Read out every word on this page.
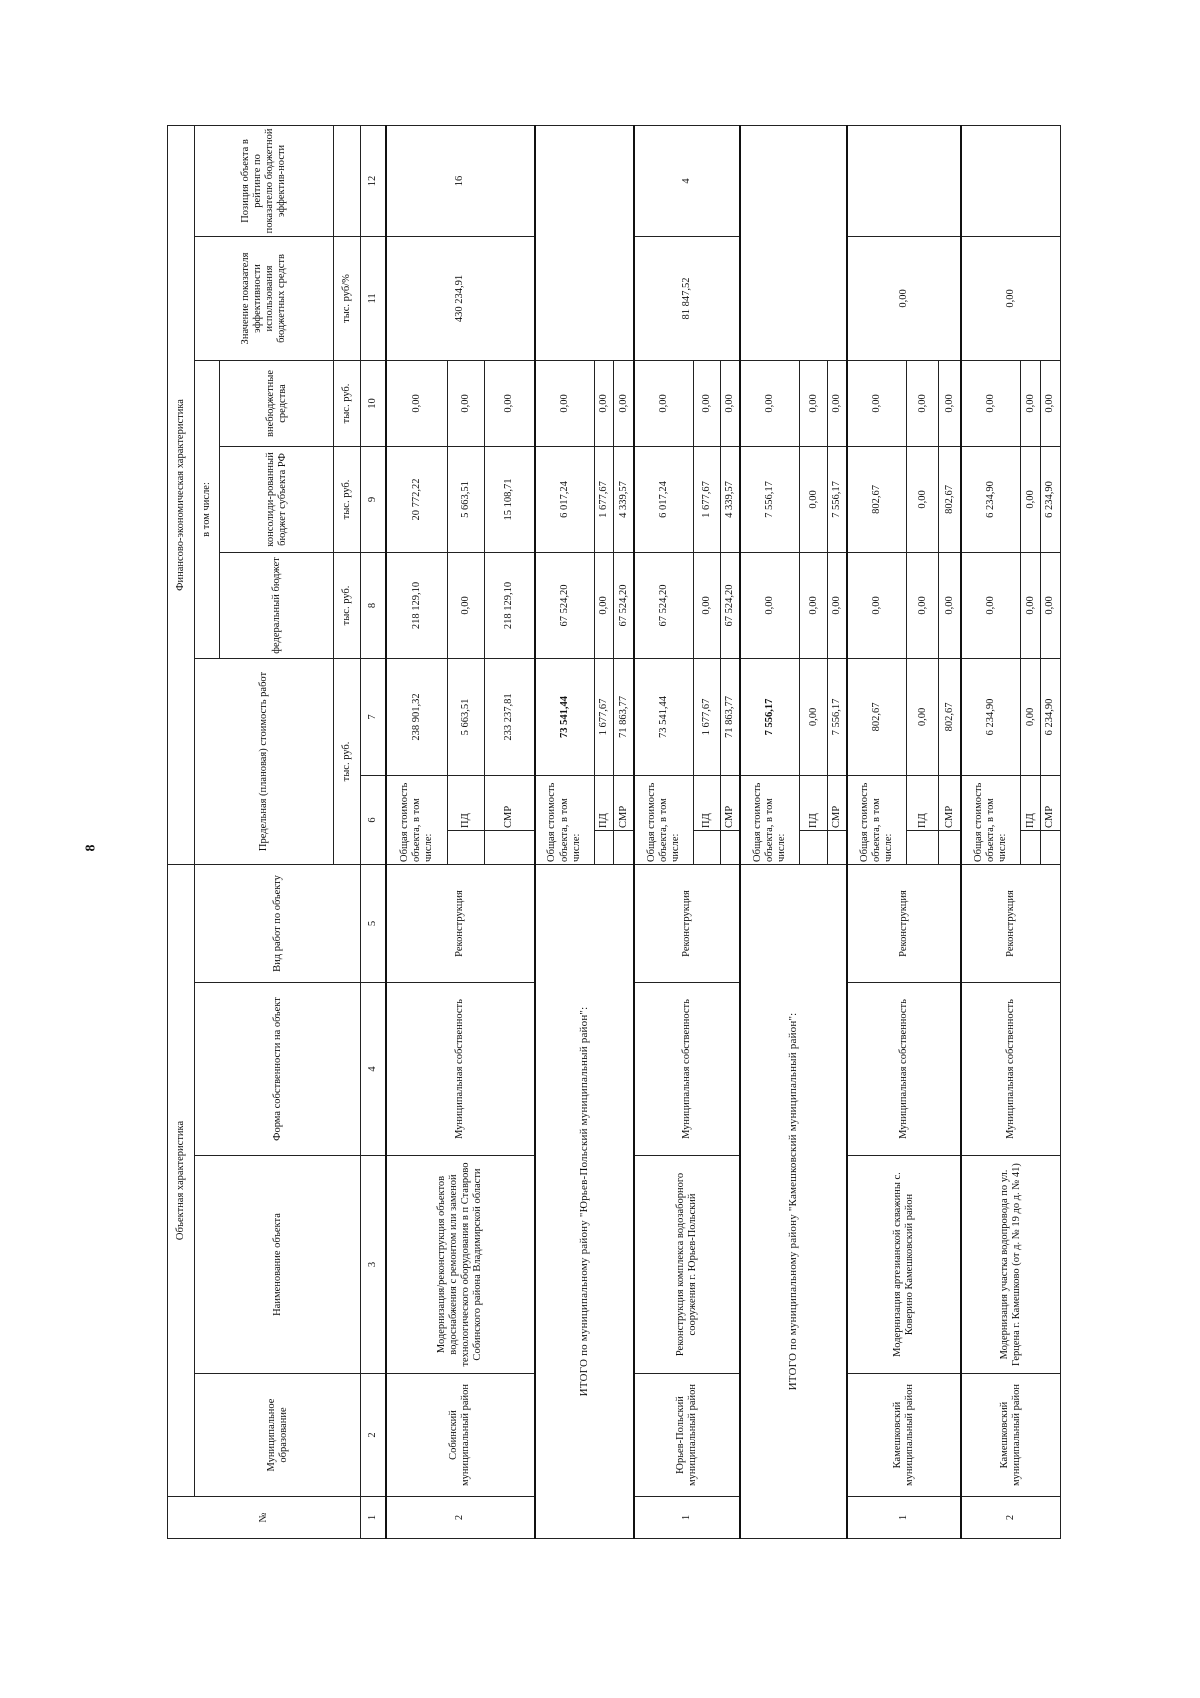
8
№	Объектная характеристика				Финансово-экономическая характеристика							
	Муниципальное образование	Наименование объекта	Форма собственности на объект	Вид работ по объекту	Предельная (плановая) стоимость работ			в том числе:			Значение показателя эффективности использования бюджетных средств	Позиция объекта в рейтинге по показателю бюджетной эффектив-ности
								федеральный бюджет	консолиди-рованный бюджет субъекта РФ	внебюджетные средства		
					тыс. руб.			тыс. руб.	тыс. руб.	тыс. руб.	тыс. руб/%	
1	2	3	4	5	6		7	8	9	10	11	12
2	Собинский муниципальный район	Модернизация/реконструкция объектов водоснабжения с ремонтом или заменой технологического оборудования в п Ставрово Собинского района Владимирской области	Муниципальная собственность	Реконструкция	Общая стоимость объекта, в том числе:		238 901,32	218 129,10	20 772,22	0,00	430 234,91	16
						ПД	5 663,51	0,00	5 663,51	0,00		
						СМР	233 237,81	218 129,10	15 108,71	0,00		
ИТОГО по муниципальному району "Юрьев-Польский муниципальный район":					Общая стоимость объекта, в том числе:		73 541,44	67 524,20	6 017,24	0,00		
						ПД	1 677,67	0,00	1 677,67	0,00		
						СМР	71 863,77	67 524,20	4 339,57	0,00		
1	Юрьев-Польский муниципальный район	Реконструкция комплекса водозаборного сооружения г. Юрьев-Польский	Муниципальная собственность	Реконструкция	Общая стоимость объекта, в том числе:		73 541,44	67 524,20	6 017,24	0,00	81 847,52	4
						ПД	1 677,67	0,00	1 677,67	0,00		
						СМР	71 863,77	67 524,20	4 339,57	0,00		
ИТОГО по муниципальному району "Камешковский муниципальный район":					Общая стоимость объекта, в том числе:		7 556,17	0,00	7 556,17	0,00		
						ПД	0,00	0,00	0,00	0,00		
						СМР	7 556,17	0,00	7 556,17	0,00		
1	Камешковский муниципальный район	Модернизация артезианской скважины с. Коверино Камешковский район	Муниципальная собственность	Реконструкция	Общая стоимость объекта, в том числе:		802,67	0,00	802,67	0,00	0,00	
						ПД	0,00	0,00	0,00	0,00		
						СМР	802,67	0,00	802,67	0,00		
2	Камешковский муниципальный район	Модернизация участка водопровода по ул. Герцена г. Камешково (от д. № 19 до д. № 41)	Муниципальная собственность	Реконструкция	Общая стоимость объекта, в том числе:		6 234,90	0,00	6 234,90	0,00	0,00	
						ПД	0,00	0,00	0,00	0,00		
						СМР	6 234,90	0,00	6 234,90	0,00		
